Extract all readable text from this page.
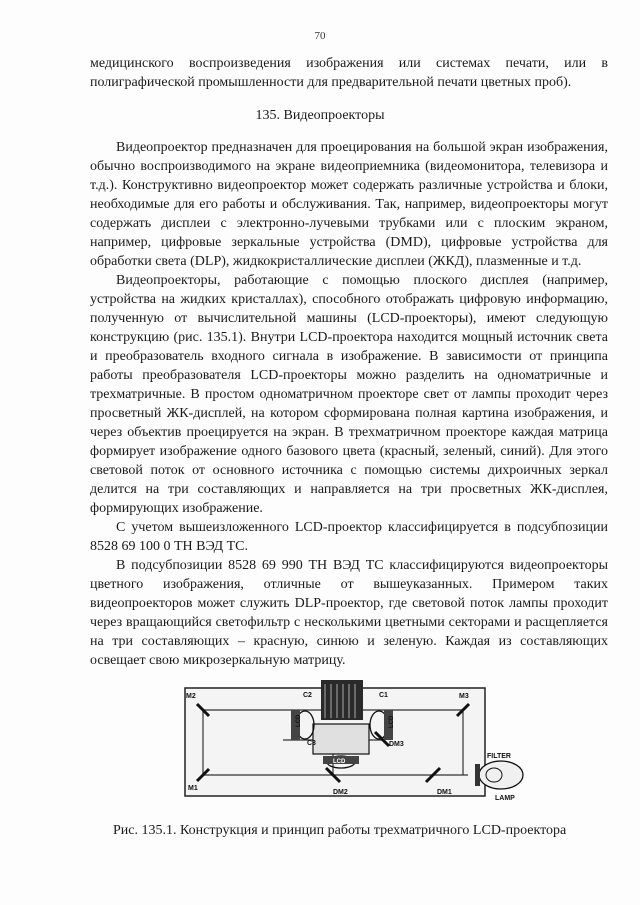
70

медицинского воспроизведения изображения или системах печати, или в полиграфической промышленности для предварительной печати цветных проб).

135. Видеопроекторы

Видеопроектор предназначен для проецирования на большой экран изображения, обычно воспроизводимого на экране видеоприемника (видеомонитора, телевизора и т.д.). Конструктивно видеопроектор может содержать различные устройства и блоки, необходимые для его работы и обслуживания. Так, например, видеопроекторы могут содержать дисплеи с электронно-лучевыми трубками или с плоским экраном, например, цифровые зеркальные устройства (DMD), цифровые устройства для обработки света (DLP), жидкокристаллические дисплеи (ЖКД), плазменные и т.д.

Видеопроекторы, работающие с помощью плоского дисплея (например, устройства на жидких кристаллах), способного отображать цифровую информацию, полученную от вычислительной машины (LCD-проекторы), имеют следующую конструкцию (рис. 135.1). Внутри LCD-проектора находится мощный источник света и преобразователь входного сигнала в изображение. В зависимости от принципа работы преобразователя LCD-проекторы можно разделить на одноматричные и трехматричные. В простом одноматричном проекторе свет от лампы проходит через просветный ЖК-дисплей, на котором сформирована полная картина изображения, и через объектив проецируется на экран. В трехматричном проекторе каждая матрица формирует изображение одного базового цвета (красный, зеленый, синий). Для этого световой поток от основного источника с помощью системы дихроичных зеркал делится на три составляющих и направляется на три просветных ЖК-дисплея, формирующих изображение.

С учетом вышеизложенного LCD-проектор классифицируется в подсубпозиции 8528 69 100 0 ТН ВЭД ТС.

В подсубпозиции 8528 69 990 ТН ВЭД ТС классифицируются видеопроекторы цветного изображения, отличные от вышеуказанных. Примером таких видеопроекторов может служить DLP-проектор, где световой поток лампы проходит через вращающийся светофильтр с несколькими цветными секторами и расщепляется на три составляющих – красную, синюю и зеленую. Каждая из составляющих освещает свою микрозеркальную матрицу.

LCD	LCD
LCD
M2
M1
M3
C2	C1
C3	DM3
DM2	DM1
FILTER
LAMP
Рис. 135.1. Конструкция и принцип работы трехматричного LCD-проектора
